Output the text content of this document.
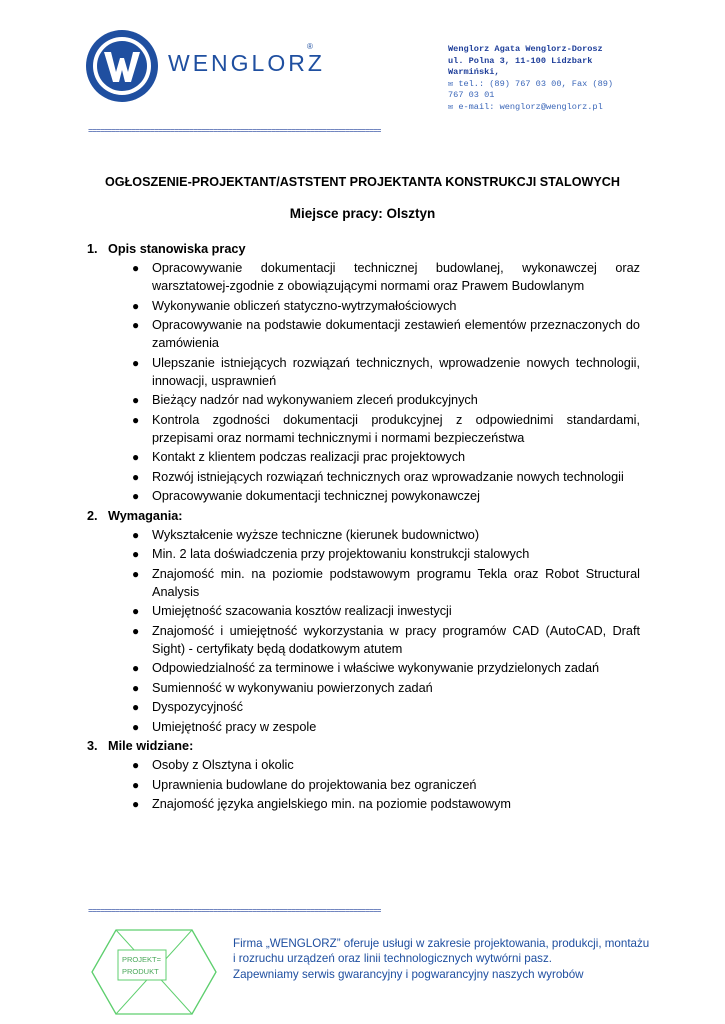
WENGLORZ
®	Wenglorz Agata Wenglorz-Dorosz
ul. Polna 3, 11-100 Lidzbark
Warmiński,
✉ tel.: (89) 767 03 00, Fax (89)
767 03 01
✉ e-mail: wenglorz@wenglorz.pl
===========================================================================
OGŁOSZENIE-PROJEKTANT/ASTSTENT PROJEKTANTA KONSTRUKCJI STALOWYCH
Miejsce pracy: Olsztyn
1. Opis stanowiska pracy
● Opracowywanie dokumentacji technicznej budowlanej, wykonawczej oraz warsztatowej-zgodnie z obowiązującymi normami oraz Prawem Budowlanym
● Wykonywanie obliczeń statyczno-wytrzymałościowych
● Opracowywanie na podstawie dokumentacji zestawień elementów przeznaczonych do zamówienia
● Ulepszanie istniejących rozwiązań technicznych, wprowadzenie nowych technologii, innowacji, usprawnień
● Bieżący nadzór nad wykonywaniem zleceń produkcyjnych
● Kontrola zgodności dokumentacji produkcyjnej z odpowiednimi standardami, przepisami oraz normami technicznymi i normami bezpieczeństwa
● Kontakt z klientem podczas realizacji prac projektowych
● Rozwój istniejących rozwiązań technicznych oraz wprowadzanie nowych technologii
● Opracowywanie dokumentacji technicznej powykonawczej
2. Wymagania:
● Wykształcenie wyższe techniczne (kierunek budownictwo)
● Min. 2 lata doświadczenia przy projektowaniu konstrukcji stalowych
● Znajomość min. na poziomie podstawowym programu Tekla oraz Robot Structural Analysis
● Umiejętność szacowania kosztów realizacji inwestycji
● Znajomość i umiejętność wykorzystania w pracy programów CAD (AutoCAD, Draft Sight) - certyfikaty będą dodatkowym atutem
● Odpowiedzialność za terminowe i właściwe wykonywanie przydzielonych zadań
● Sumienność w wykonywaniu powierzonych zadań
● Dyspozycyjność
● Umiejętność pracy w zespole
3. Mile widziane:
● Osoby z Olsztyna i okolic
● Uprawnienia budowlane do projektowania bez ograniczeń
● Znajomość języka angielskiego min. na poziomie podstawowym
===========================================================================
PROJEKT=
PRODUKT
Firma „WENGLORZ” oferuje usługi w zakresie projektowania, produkcji, montażu
i rozruchu urządzeń oraz linii technologicznych wytwórni pasz.
Zapewniamy serwis gwarancyjny i pogwarancyjny naszych wyrobów
